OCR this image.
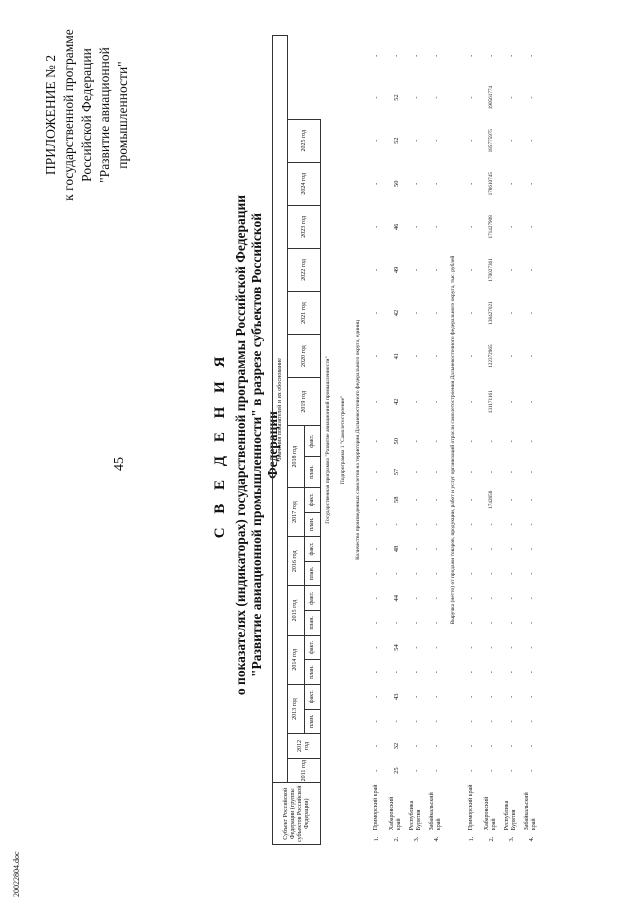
20022804.doc
45
ПРИЛОЖЕНИЕ № 2 к государственной программе Российской Федерации "Развитие авиационной промышленности"
С В Е Д Е Н И Я о показателях (индикаторах) государственной программы Российской Федерации "Развитие авиационной промышленности" в разрезе субъектов Российской Федерации
Субъект Российской Федерации (группы субъектов Российской Федерации)		Значения показателей и их обоснование																						
		2011 год	2012 год	2013 год		2014 год		2015 год		2016 год		2017 год		2018 год		2019 год	2020 год	2021 год	2022 год	2023 год	2024 год	2025 год		
				план.	факт.	план.	факт.	план.	факт.	план.	факт.	план.	факт.	план.	факт.									
Государственная программа "Развитие авиационной промышленности"																								
Подпрограмма 1 "Самолетостроение"																								
Количество произведенных самолетов на территории Дальневосточного федерального округа, единиц																								
1.	Приморский край	-	-	-	-	-	-	-	-	-	-	-	-	-	-	-	-	-	-	-	-	-	-	-
2.	Хабаровский край	25	32	-	43	-	54	-	44	-	48	-	58	57	50	42	41	42	49	46	50	52	52	-
3.	Республика Бурятия	-	-	-	-	-	-	-	-	-	-	-	-	-	-	-	-	-	-	-	-	-	-	-
4.	Забайкальский край	-	-	-	-	-	-	-	-	-	-	-	-	-	-	-	-	-	-	-	-	-	-	-
Выручка (нетто) от продажи товаров, продукции, работ и услуг организаций отрасли самолетостроения Дальневосточного федерального округа, тыс. рублей																								
1.	Приморский край	-	-	-	-	-	-	-	-	-	-	-	-	-	-	-	-	-	-	-	-	-	-	-
2.	Хабаровский край	-	-	-	-	-	-	-	-	-	-	-	1742858	-	-	131171161	122372965	138427021	170027361	171427908	178610745	185775975	190561774	-
3.	Республика Бурятия	-	-	-	-	-	-	-	-	-	-	-	-	-	-	-	-	-	-	-	-	-	-	-
4.	Забайкальский край	-	-	-	-	-	-	-	-	-	-	-	-	-	-	-	-	-	-	-	-	-	-	-
